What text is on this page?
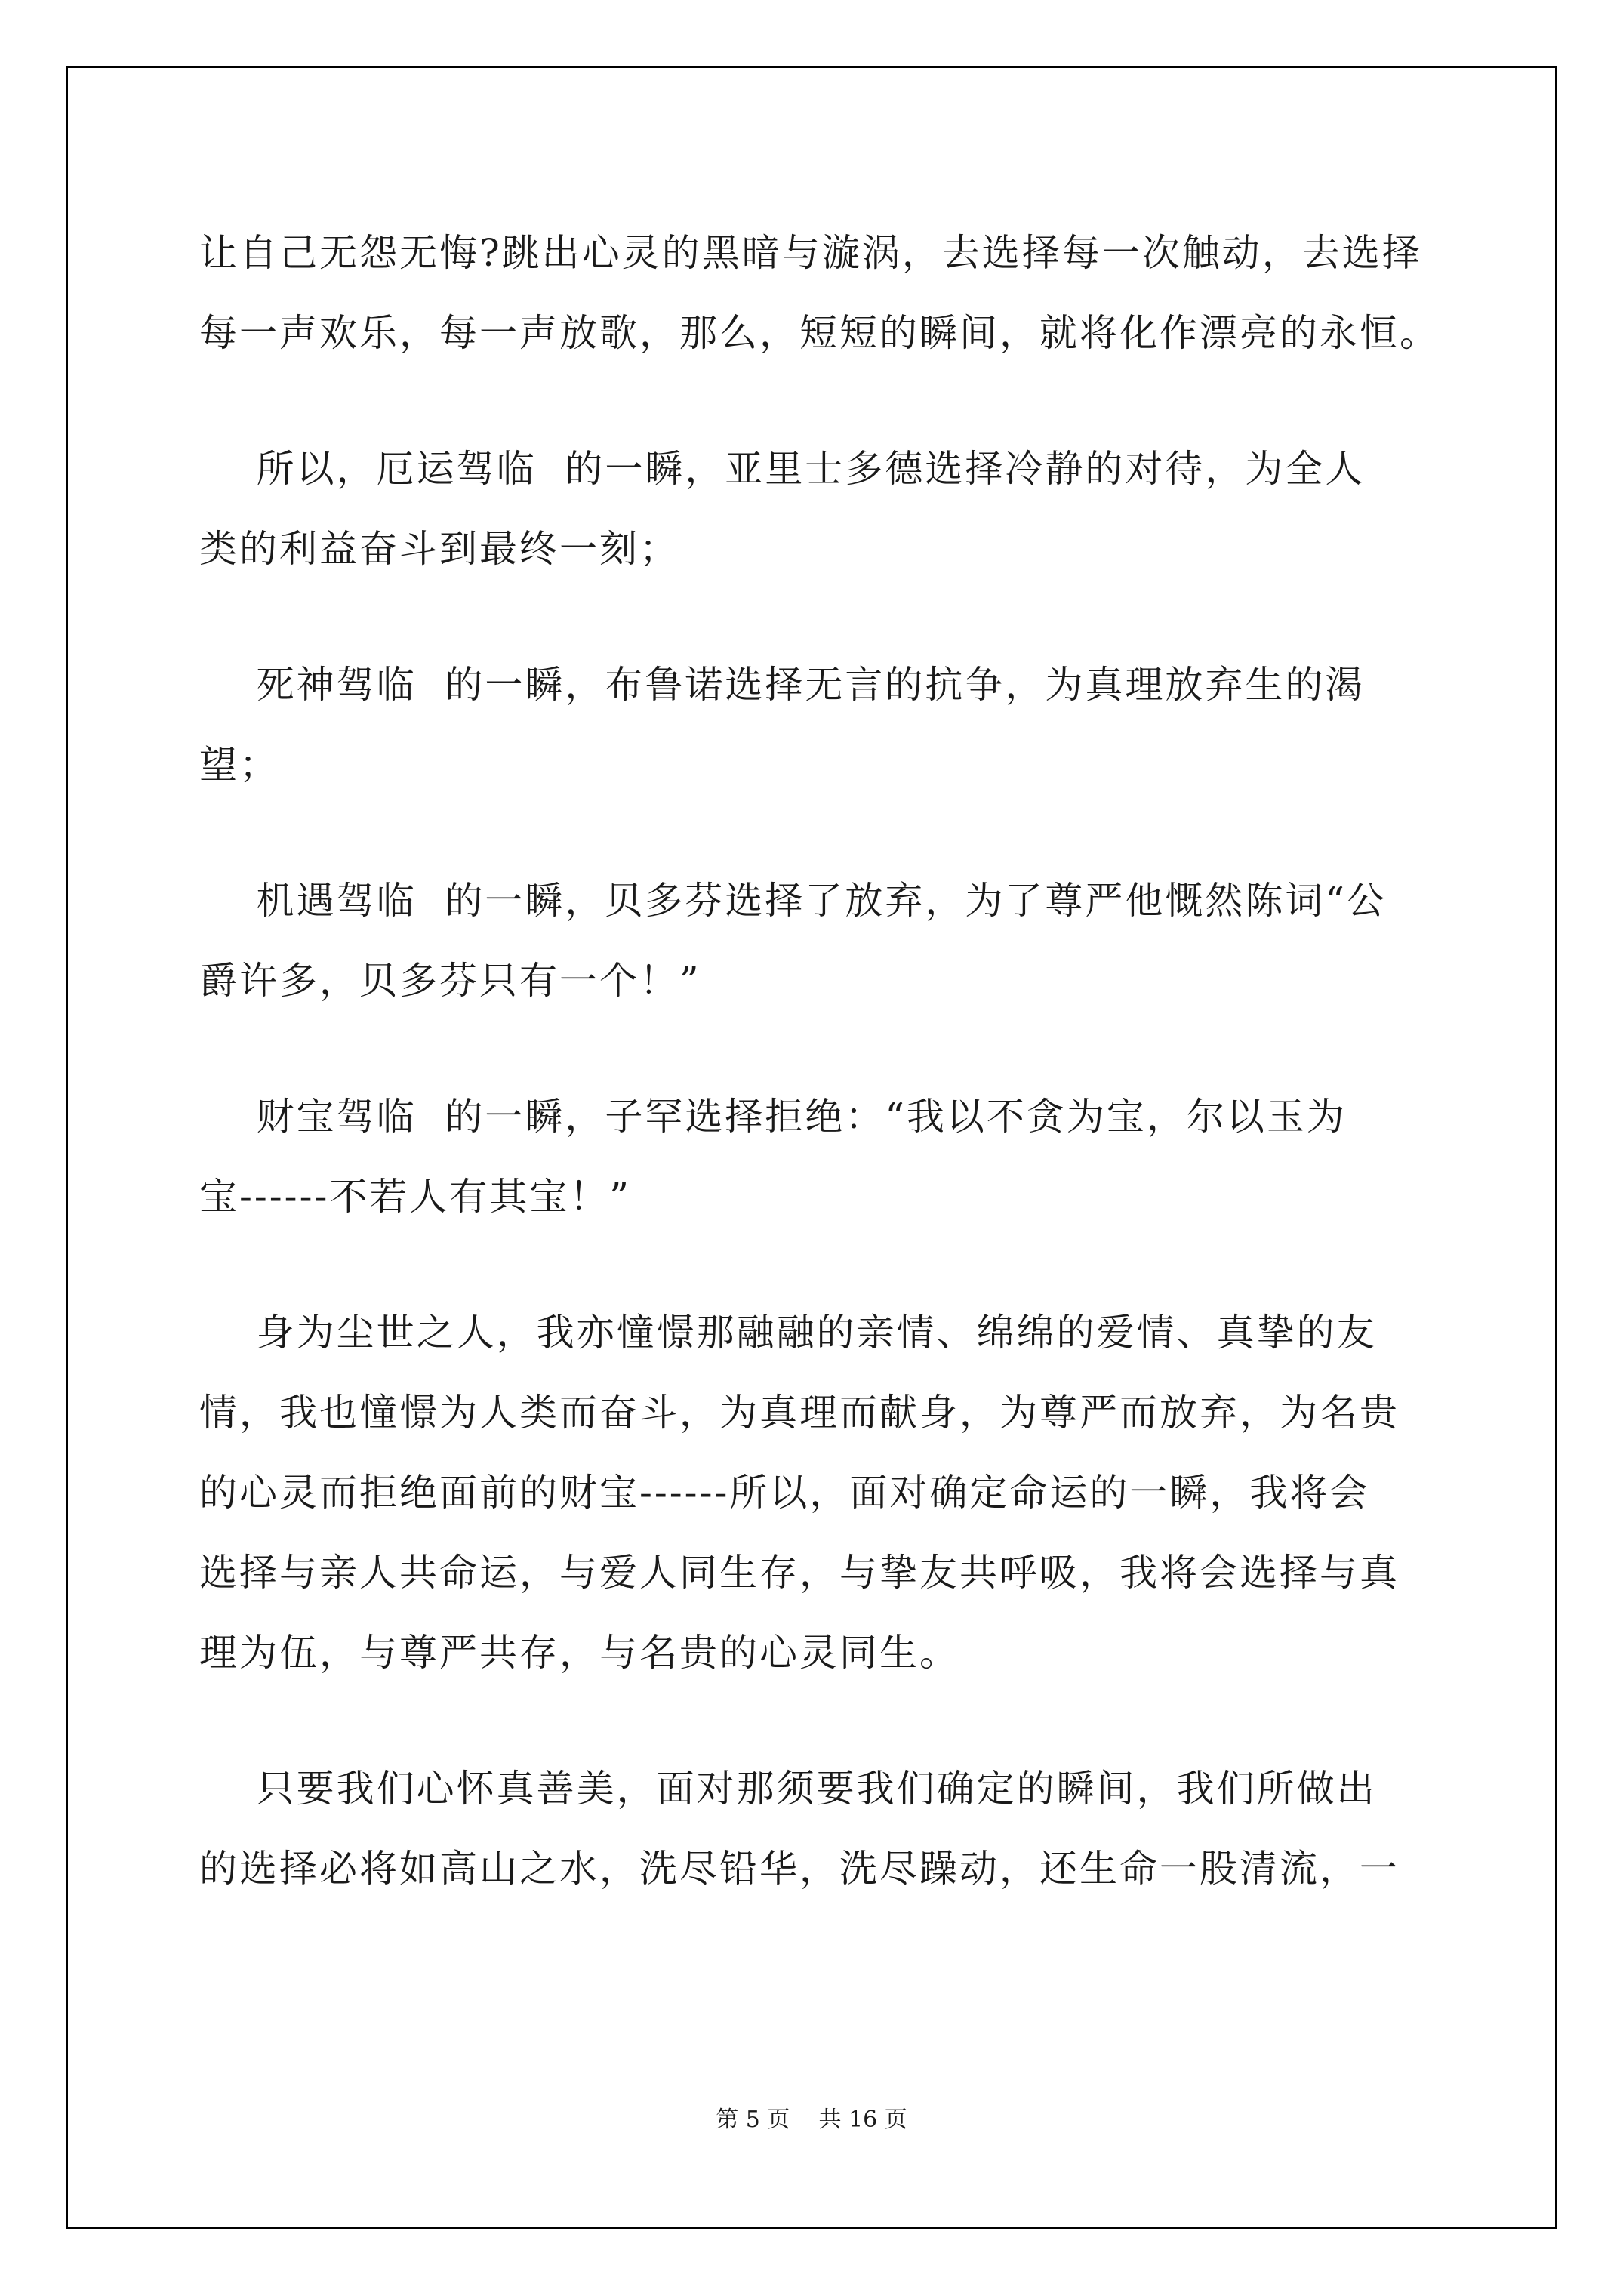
让自己无怨无悔?跳出心灵的黑暗与漩涡，去选择每一次触动，去选择
每一声欢乐，每一声放歌，那么，短短的瞬间，就将化作漂亮的永恒。
所以，厄运驾临  的一瞬，亚里士多德选择冷静的对待，为全人
类的利益奋斗到最终一刻；
死神驾临  的一瞬，布鲁诺选择无言的抗争，为真理放弃生的渴
望；
机遇驾临  的一瞬，贝多芬选择了放弃，为了尊严他慨然陈词“公
爵许多，贝多芬只有一个！”
财宝驾临  的一瞬，子罕选择拒绝：“我以不贪为宝，尔以玉为
宝------不若人有其宝！”
身为尘世之人，我亦憧憬那融融的亲情、绵绵的爱情、真挚的友
情，我也憧憬为人类而奋斗，为真理而献身，为尊严而放弃，为名贵
的心灵而拒绝面前的财宝------所以，面对确定命运的一瞬，我将会
选择与亲人共命运，与爱人同生存，与挚友共呼吸，我将会选择与真
理为伍，与尊严共存，与名贵的心灵同生。
只要我们心怀真善美，面对那须要我们确定的瞬间，我们所做出
的选择必将如高山之水，洗尽铅华，洗尽躁动，还生命一股清流，一
第 5 页    共 16 页
